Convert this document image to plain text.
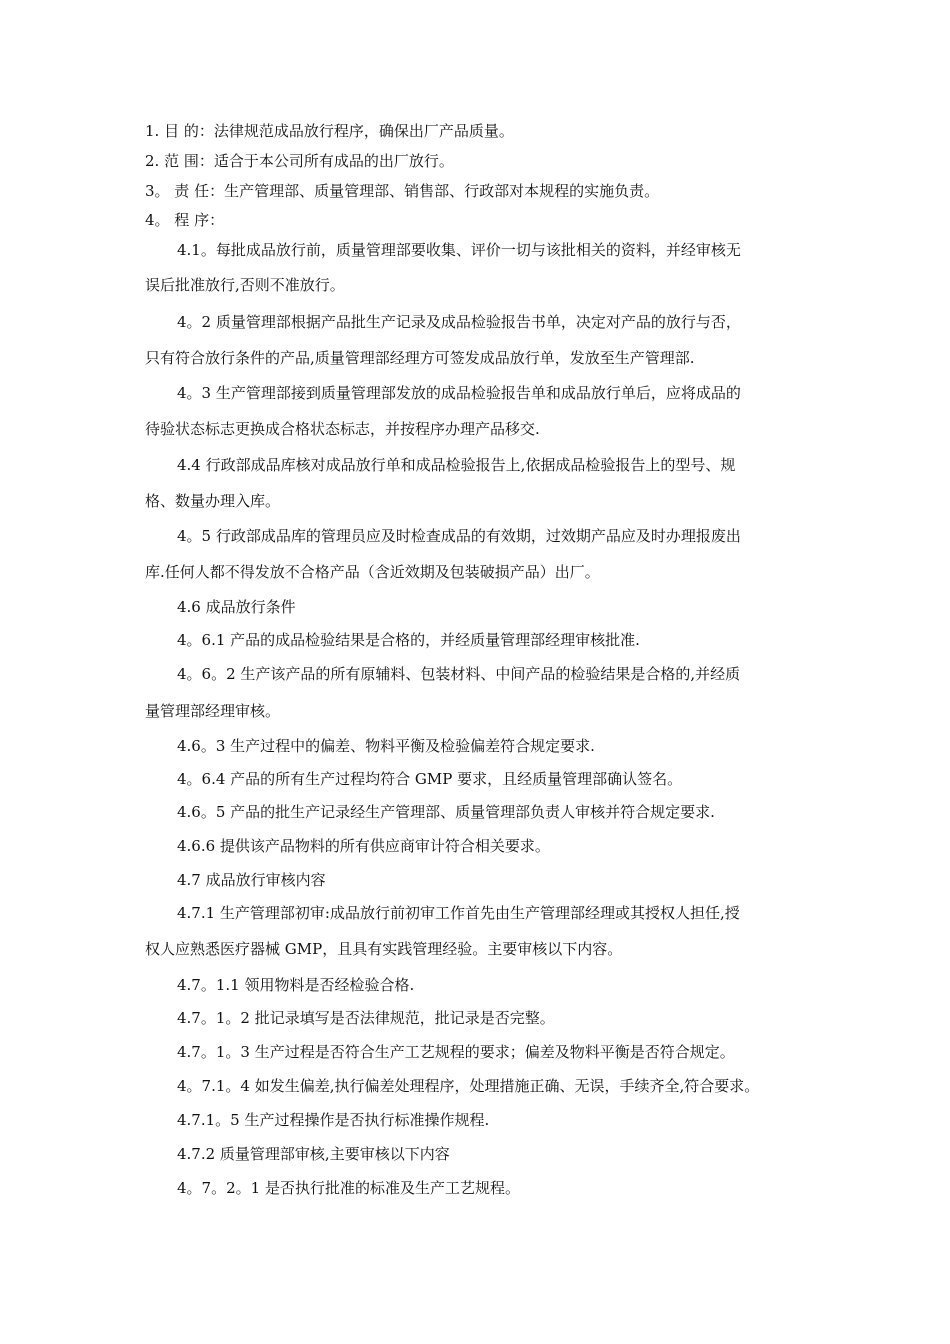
1. 目 的：法律规范成品放行程序，确保出厂产品质量。
2. 范 围：适合于本公司所有成品的出厂放行。
3。 责 任：生产管理部、质量管理部、销售部、行政部对本规程的实施负责。
4。 程 序：
4.1。每批成品放行前，质量管理部要收集、评价一切与该批相关的资料，并经审核无
误后批准放行,否则不准放行。
4。2 质量管理部根据产品批生产记录及成品检验报告书单，决定对产品的放行与否，
只有符合放行条件的产品,质量管理部经理方可签发成品放行单，发放至生产管理部.
4。3 生产管理部接到质量管理部发放的成品检验报告单和成品放行单后，应将成品的
待验状态标志更换成合格状态标志，并按程序办理产品移交.
4.4 行政部成品库核对成品放行单和成品检验报告上,依据成品检验报告上的型号、规
格、数量办理入库。
4。5 行政部成品库的管理员应及时检查成品的有效期，过效期产品应及时办理报废出
库.任何人都不得发放不合格产品（含近效期及包装破损产品）出厂。
4.6 成品放行条件
4。6.1 产品的成品检验结果是合格的，并经质量管理部经理审核批准.
4。6。2 生产该产品的所有原辅料、包装材料、中间产品的检验结果是合格的,并经质
量管理部经理审核。
4.6。3 生产过程中的偏差、物料平衡及检验偏差符合规定要求.
4。6.4 产品的所有生产过程均符合 GMP 要求，且经质量管理部确认签名。
4.6。5 产品的批生产记录经生产管理部、质量管理部负责人审核并符合规定要求.
4.6.6 提供该产品物料的所有供应商审计符合相关要求。
4.7 成品放行审核内容
4.7.1 生产管理部初审:成品放行前初审工作首先由生产管理部经理或其授权人担任,授
权人应熟悉医疗器械 GMP，且具有实践管理经验。主要审核以下内容。
4.7。1.1 领用物料是否经检验合格.
4.7。1。2 批记录填写是否法律规范，批记录是否完整。
4.7。1。3 生产过程是否符合生产工艺规程的要求；偏差及物料平衡是否符合规定。
4。7.1。4 如发生偏差,执行偏差处理程序，处理措施正确、无误，手续齐全,符合要求。
4.7.1。5 生产过程操作是否执行标准操作规程.
4.7.2 质量管理部审核,主要审核以下内容
4。7。2。1 是否执行批准的标准及生产工艺规程。
